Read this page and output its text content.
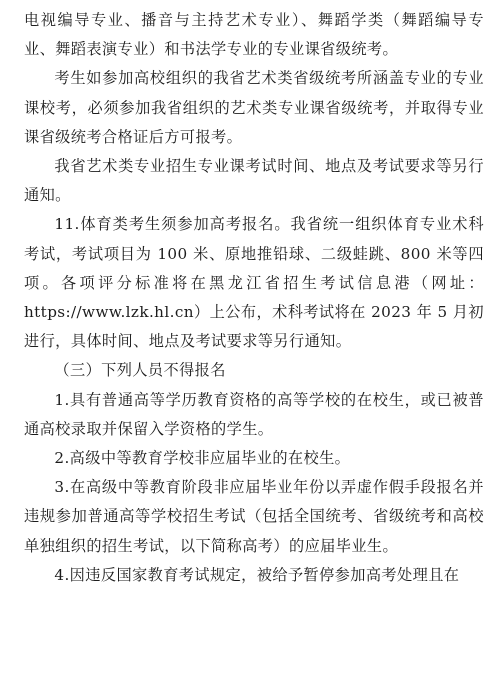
电视编导专业、播音与主持艺术专业）、舞蹈学类（舞蹈编导专业、舞蹈表演专业）和书法学专业的专业课省级统考。

考生如参加高校组织的我省艺术类省级统考所涵盖专业的专业课校考，必须参加我省组织的艺术类专业课省级统考，并取得专业课省级统考合格证后方可报考。

我省艺术类专业招生专业课考试时间、地点及考试要求等另行通知。

11.体育类考生须参加高考报名。我省统一组织体育专业术科考试，考试项目为 100 米、原地推铅球、二级蛙跳、800 米等四项。各项评分标准将在黑龙江省招生考试信息港（网址：https://www.lzk.hl.cn）上公布，术科考试将在 2023 年 5 月初进行，具体时间、地点及考试要求等另行通知。

（三）下列人员不得报名

1.具有普通高等学历教育资格的高等学校的在校生，或已被普通高校录取并保留入学资格的学生。

2.高级中等教育学校非应届毕业的在校生。

3.在高级中等教育阶段非应届毕业年份以弄虚作假手段报名并违规参加普通高等学校招生考试（包括全国统考、省级统考和高校单独组织的招生考试，以下简称高考）的应届毕业生。

4.因违反国家教育考试规定，被给予暂停参加高考处理且在
